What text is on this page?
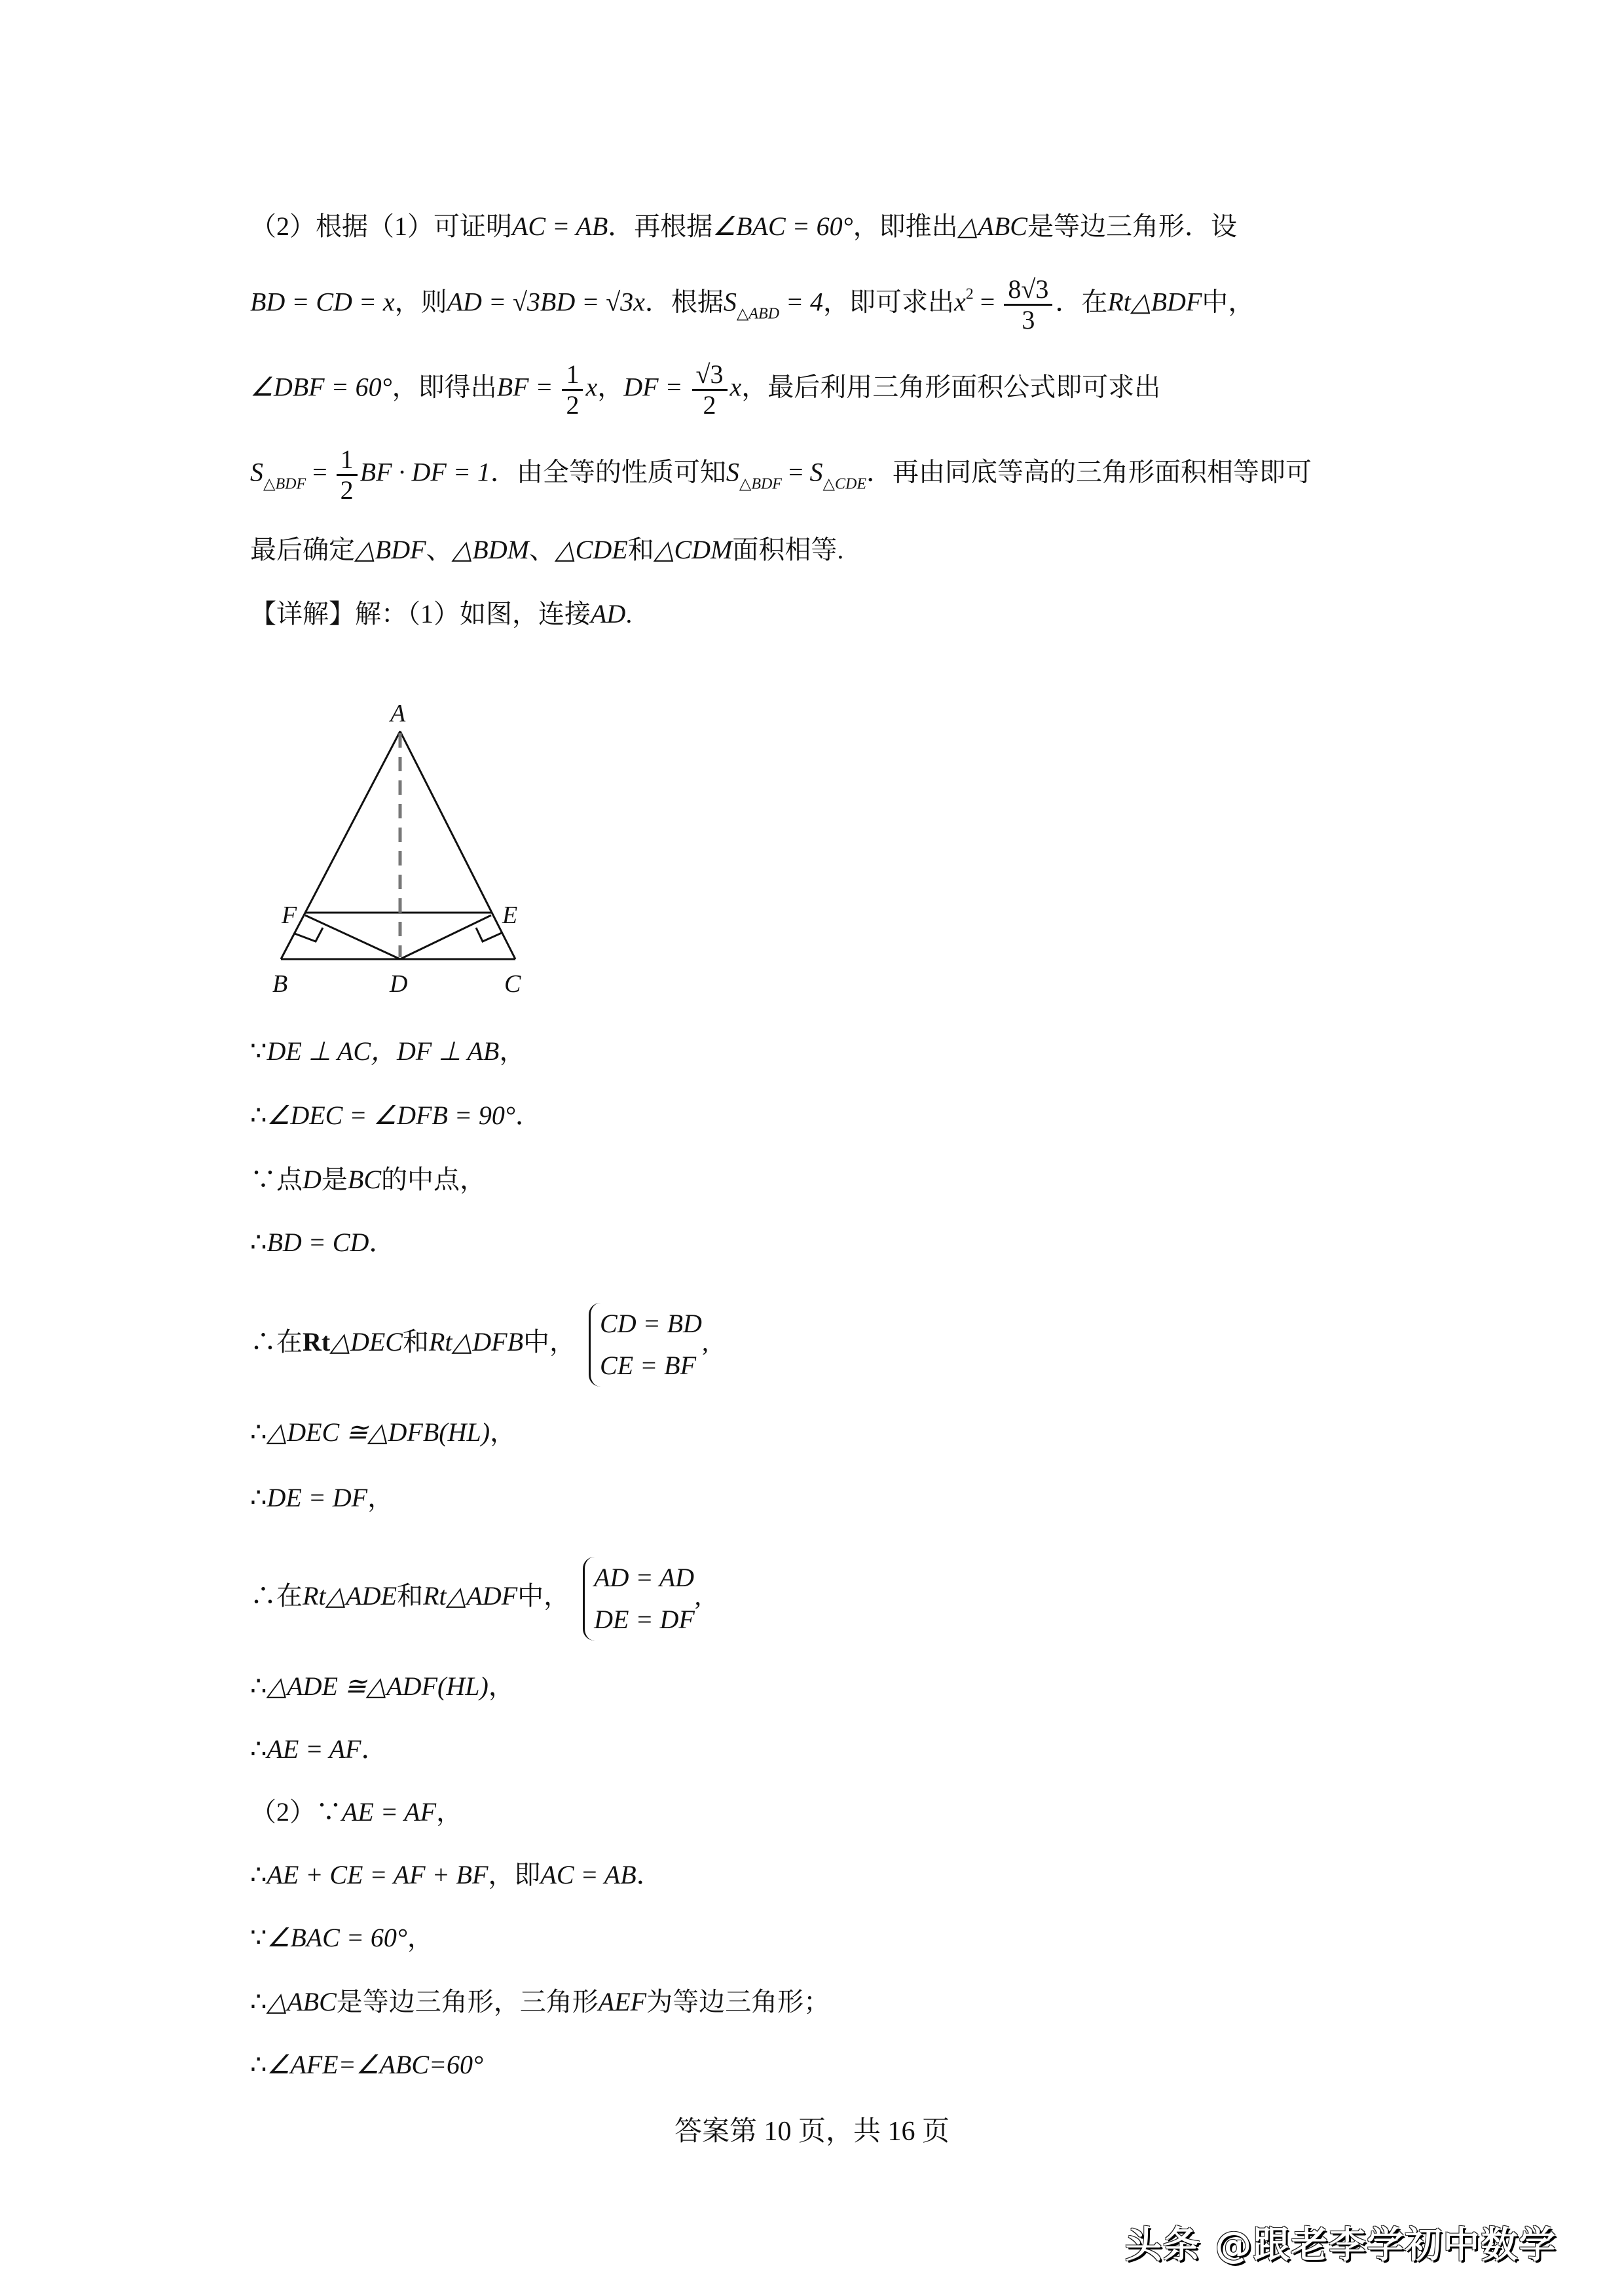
（2）根据（1）可证明AC = AB．再根据∠BAC = 60°，即推出△ABC是等边三角形．设
BD = CD = x，则AD = √3BD = √3x．根据$S_{\triangle ABD} = 4$，即可求出$x^2 = \frac{8√3}{3}$ ．在Rt△BDF中，
∠DBF = 60°，即得出BF = $\frac{1}{2}$ x，DF = $\frac{√3}{2}$ x，最后利用三角形面积公式即可求出
$S_{\triangle BDF} = \frac{1}{2}$ BF · DF = 1．由全等的性质可知$S_{\triangle BDF} = S_{\triangle CDE}$．再由同底等高的三角形面积相等即可
最后确定△BDF、△BDM、△CDE和△CDM面积相等.
【详解】解：（1）如图，连接AD.
A
B	C
D
E
F
∵DE ⊥ AC，DF ⊥ AB，
∴∠DEC = ∠DFB = 90°．
∵点D是BC的中点，
∴BD = CD．
∴在Rt△DEC和Rt△DFB中，
CD = BD
CE = BF
,
∴△DEC ≅△DFB(HL)，
∴DE = DF，
∴在Rt△ADE和Rt△ADF中，
AD = AD
DE = DF
,
∴△ADE ≅△ADF(HL)，
∴AE = AF．
（2）∵AE = AF，
∴AE + CE = AF + BF，即AC = AB．
∵∠BAC = 60°，
∴△ABC是等边三角形，三角形AEF为等边三角形；
∴∠AFE=∠ABC=60°
答案第 10 页，共 16 页
头条 @跟老李学初中数学
